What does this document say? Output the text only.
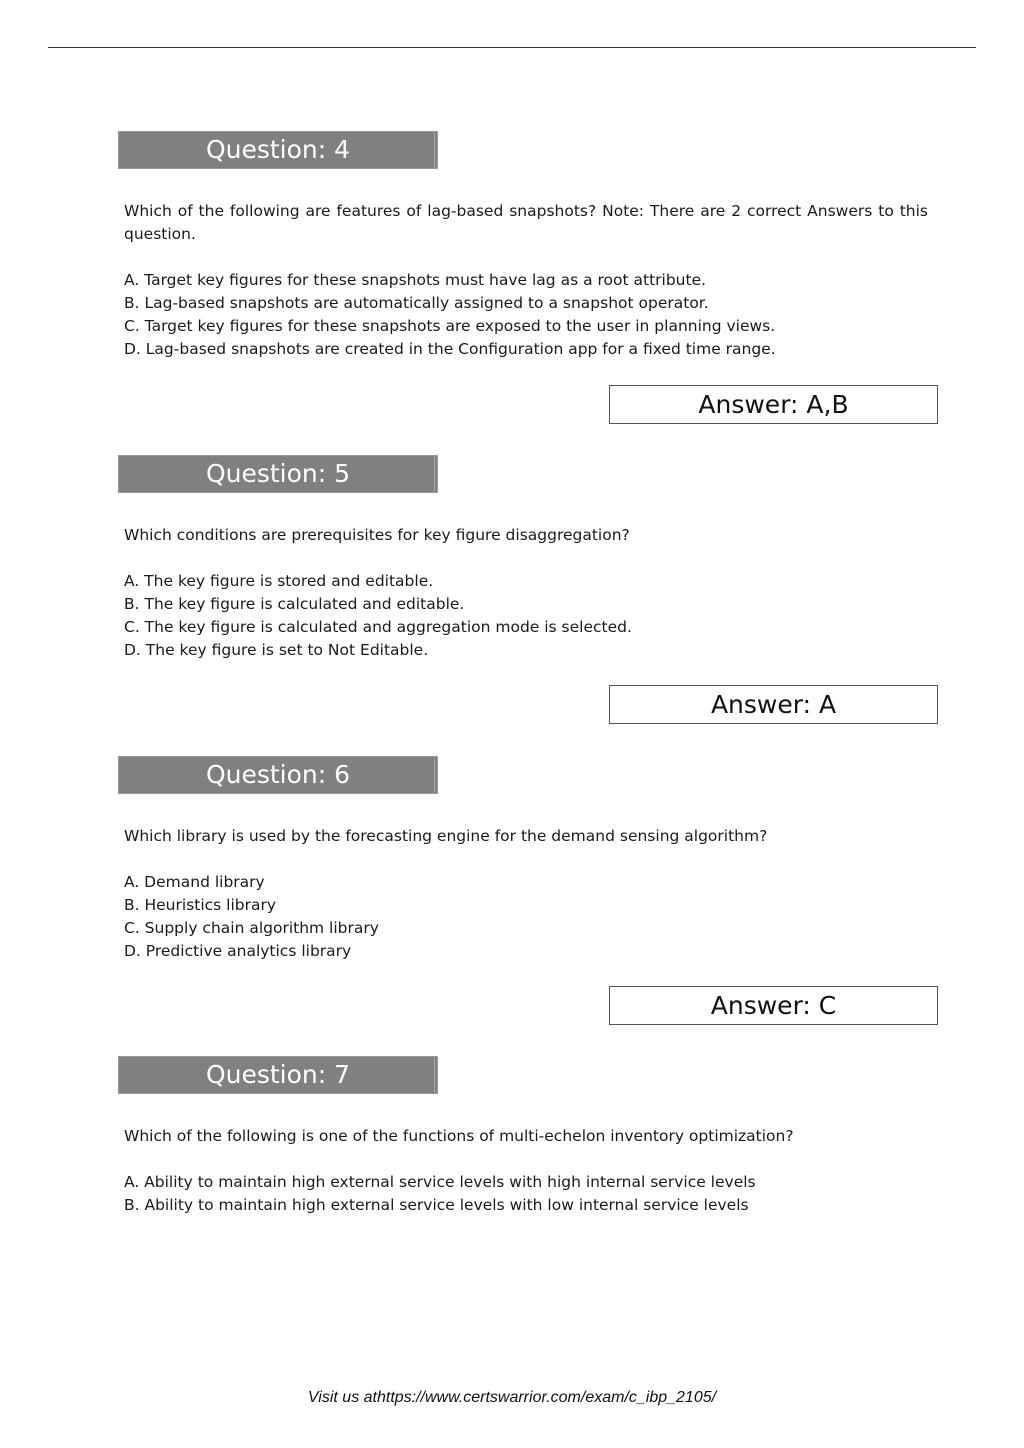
Question: 4

Which of the following are features of lag-based snapshots? Note: There are 2 correct Answers to this question.

A. Target key figures for these snapshots must have lag as a root attribute.
B. Lag-based snapshots are automatically assigned to a snapshot operator.
C. Target key figures for these snapshots are exposed to the user in planning views.
D. Lag-based snapshots are created in the Configuration app for a fixed time range.
Answer: A,B
Question: 5

Which conditions are prerequisites for key figure disaggregation?

A. The key figure is stored and editable.
B. The key figure is calculated and editable.
C. The key figure is calculated and aggregation mode is selected.
D. The key figure is set to Not Editable.
Answer: A
Question: 6

Which library is used by the forecasting engine for the demand sensing algorithm?

A. Demand library
B. Heuristics library
C. Supply chain algorithm library
D. Predictive analytics library
Answer: C
Question: 7

Which of the following is one of the functions of multi-echelon inventory optimization?

A. Ability to maintain high external service levels with high internal service levels
B. Ability to maintain high external service levels with low internal service levels
Visit us athttps://www.certswarrior.com/exam/c_ibp_2105/
